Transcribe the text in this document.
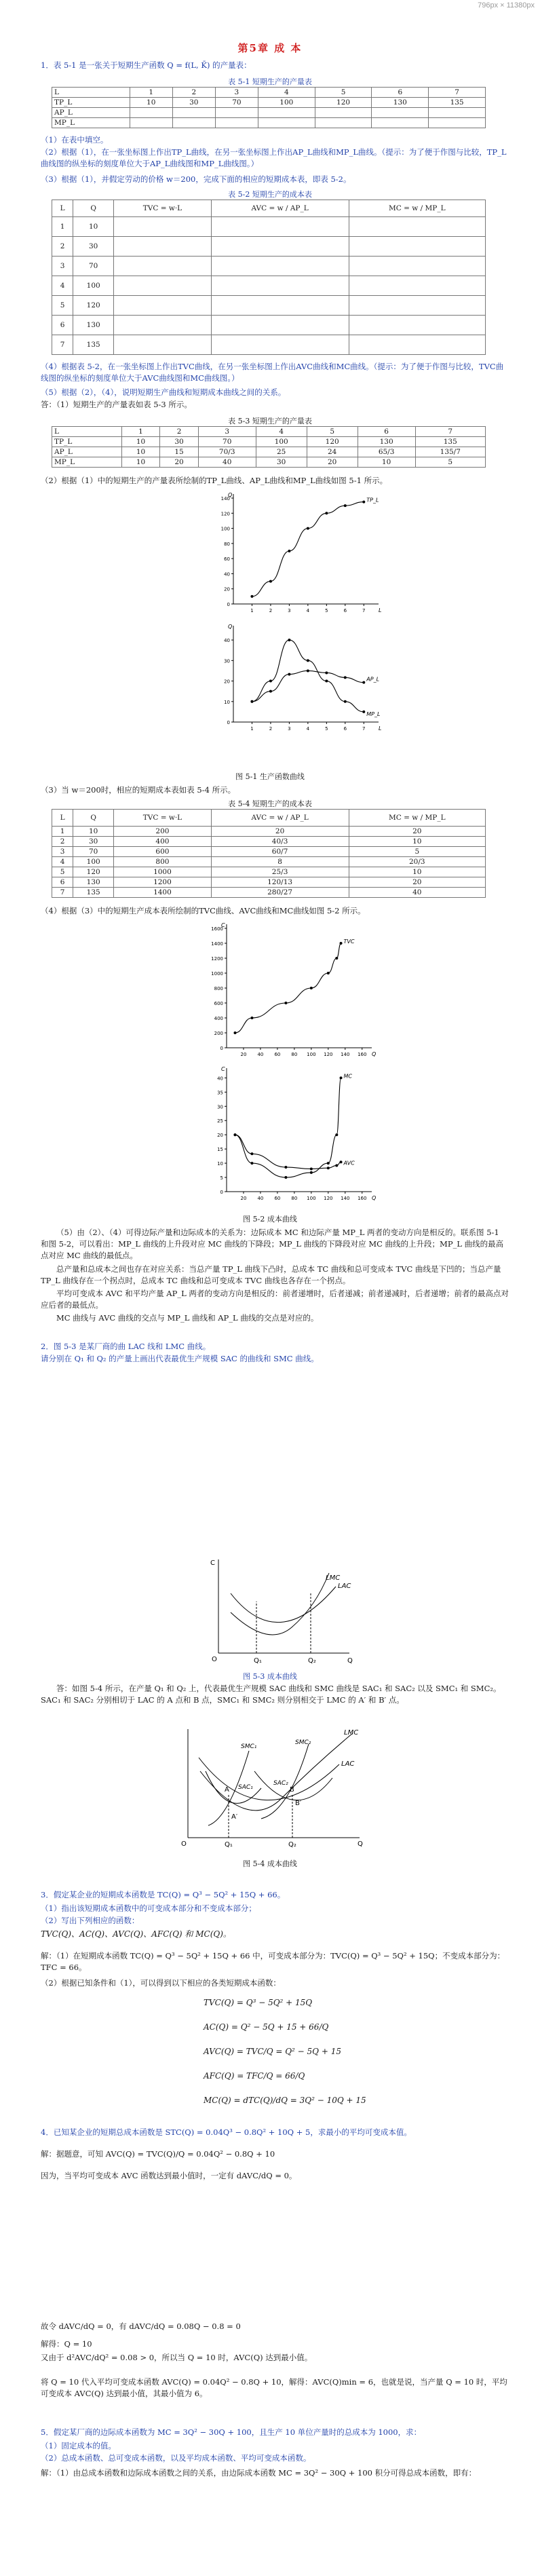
796px × 11380px
第5章 成 本
1．表 5-1 是一张关于短期生产函数 Q = f(L, K̄) 的产量表：
表 5-1 短期生产的产量表
L	1	2	3	4	5	6	7
TP_L	10	30	70	100	120	130	135
AP_L							
MP_L							
（1）在表中填空。
（2）根据（1），在一张坐标图上作出TP_L曲线，在另一张坐标图上作出AP_L曲线和MP_L曲线。（提示：为了便于作图与比较，TP_L曲线图的纵坐标的刻度单位大于AP_L曲线图和MP_L曲线图。）
（3）根据（1），并假定劳动的价格 w＝200，完成下面的相应的短期成本表，即表 5-2。
表 5-2 短期生产的成本表
L	Q	TVC = w·L	AVC = w / AP_L	MC = w / MP_L
1	10			
2	30			
3	70			
4	100			
5	120			
6	130			
7	135			
（4）根据表 5-2，在一张坐标图上作出TVC曲线，在另一张坐标图上作出AVC曲线和MC曲线。（提示：为了便于作图与比较，TVC曲线图的纵坐标的刻度单位大于AVC曲线图和MC曲线图。）
（5）根据（2），（4），说明短期生产曲线和短期成本曲线之间的关系。
答：（1）短期生产的产量表如表 5-3 所示。
表 5-3 短期生产的产量表
L	1	2	3	4	5	6	7
TP_L	10	30	70	100	120	130	135
AP_L	10	15	70/3	25	24	65/3	135/7
MP_L	10	20	40	30	20	10	5
（2）根据（1）中的短期生产的产量表所绘制的TP_L曲线、AP_L曲线和MP_L曲线如图 5-1 所示。
0
20
40
60
80
100
120
140
1	2	3	4	5	6	7
Q
L
TP_L
0
10
20
30
40
1	2	3	4	5	6	7
Q
L
AP_L
MP_L
图 5-1 生产函数曲线
（3）当 w＝200时，相应的短期成本表如表 5-4 所示。
表 5-4 短期生产的成本表
L	Q	TVC = w·L	AVC = w / AP_L	MC = w / MP_L
1	10	200	20	20
2	30	400	40/3	10
3	70	600	60/7	5
4	100	800	8	20/3
5	120	1000	25/3	10
6	130	1200	120/13	20
7	135	1400	280/27	40
（4）根据（3）中的短期生产成本表所绘制的TVC曲线、AVC曲线和MC曲线如图 5-2 所示。
0
200
400
600
800
1000
1200
1400
1600
20 40 60 80 100 120 140 160
C
Q
TVC
0
5
10
15
20
25
30
35
40
20 40 60 80 100 120 140 160
C
Q
AVC
MC
图 5-2 成本曲线
（5）由（2）、（4）可得边际产量和边际成本的关系为：边际成本 MC 和边际产量 MP_L 两者的变动方向是相反的。联系图 5-1 和图 5-2，可以看出：MP_L 曲线的上升段对应 MC 曲线的下降段；MP_L 曲线的下降段对应 MC 曲线的上升段；MP_L 曲线的最高点对应 MC 曲线的最低点。
总产量和总成本之间也存在对应关系：当总产量 TP_L 曲线下凸时，总成本 TC 曲线和总可变成本 TVC 曲线是下凹的；当总产量 TP_L 曲线存在一个拐点时，总成本 TC 曲线和总可变成本 TVC 曲线也各存在一个拐点。
平均可变成本 AVC 和平均产量 AP_L 两者的变动方向是相反的：前者递增时，后者递减；前者递减时，后者递增；前者的最高点对应后者的最低点。
MC 曲线与 AVC 曲线的交点与 MP_L 曲线和 AP_L 曲线的交点是对应的。
2．图 5-3 是某厂商的曲 LAC 线和 LMC 曲线。
请分别在 Q₁ 和 Q₂ 的产量上画出代表最优生产规模 SAC 的曲线和 SMC 曲线。
C
Q
O
LMC
LAC
Q₁	Q₂
图 5-3 成本曲线
答：如图 5-4 所示，在产量 Q₁ 和 Q₂ 上，代表最优生产规模 SAC 曲线和 SMC 曲线是 SAC₁ 和 SAC₂ 以及 SMC₁ 和 SMC₂。SAC₁ 和 SAC₂ 分别相切于 LAC 的 A 点和 B 点，SMC₁ 和 SMC₂ 则分别相交于 LMC 的 A′ 和 B′ 点。
O	Q
LAC
LMC
SAC₁
SMC₁
SAC₂
SMC₂
A
A′
B
B′
Q₁	Q₂
图 5-4 成本曲线
3．假定某企业的短期成本函数是 TC(Q) = Q³ − 5Q² + 15Q + 66。
（1）指出该短期成本函数中的可变成本部分和不变成本部分；
（2）写出下列相应的函数：
TVC(Q)、AC(Q)、AVC(Q)、AFC(Q) 和 MC(Q)。
解：（1）在短期成本函数 TC(Q) = Q³ − 5Q² + 15Q + 66 中，可变成本部分为：TVC(Q) = Q³ − 5Q² + 15Q；不变成本部分为：TFC = 66。
（2）根据已知条件和（1），可以得到以下相应的各类短期成本函数：
TVC(Q) = Q³ − 5Q² + 15Q
AC(Q) = Q² − 5Q + 15 + 66/Q
AVC(Q) = TVC/Q = Q² − 5Q + 15
AFC(Q) = TFC/Q = 66/Q
MC(Q) = dTC(Q)/dQ = 3Q² − 10Q + 15
4．已知某企业的短期总成本函数是 STC(Q) = 0.04Q³ − 0.8Q² + 10Q + 5，求最小的平均可变成本值。
解：据题意，可知 AVC(Q) = TVC(Q)/Q = 0.04Q² − 0.8Q + 10
因为，当平均可变成本 AVC 函数达到最小值时，一定有 dAVC/dQ = 0。
故令 dAVC/dQ = 0，有 dAVC/dQ = 0.08Q − 0.8 = 0
解得：Q = 10
又由于 d²AVC/dQ² = 0.08 > 0，所以当 Q = 10 时，AVC(Q) 达到最小值。
将 Q = 10 代入平均可变成本函数 AVC(Q) = 0.04Q² − 0.8Q + 10，解得：AVC(Q)min = 6，也就是说，当产量 Q = 10 时，平均可变成本 AVC(Q) 达到最小值，其最小值为 6。
5．假定某厂商的边际成本函数为 MC = 3Q² − 30Q + 100，且生产 10 单位产量时的总成本为 1000，求：
（1）固定成本的值。
（2）总成本函数、总可变成本函数，以及平均成本函数、平均可变成本函数。
解：（1）由总成本函数和边际成本函数之间的关系，由边际成本函数 MC = 3Q² − 30Q + 100 积分可得总成本函数，即有：
